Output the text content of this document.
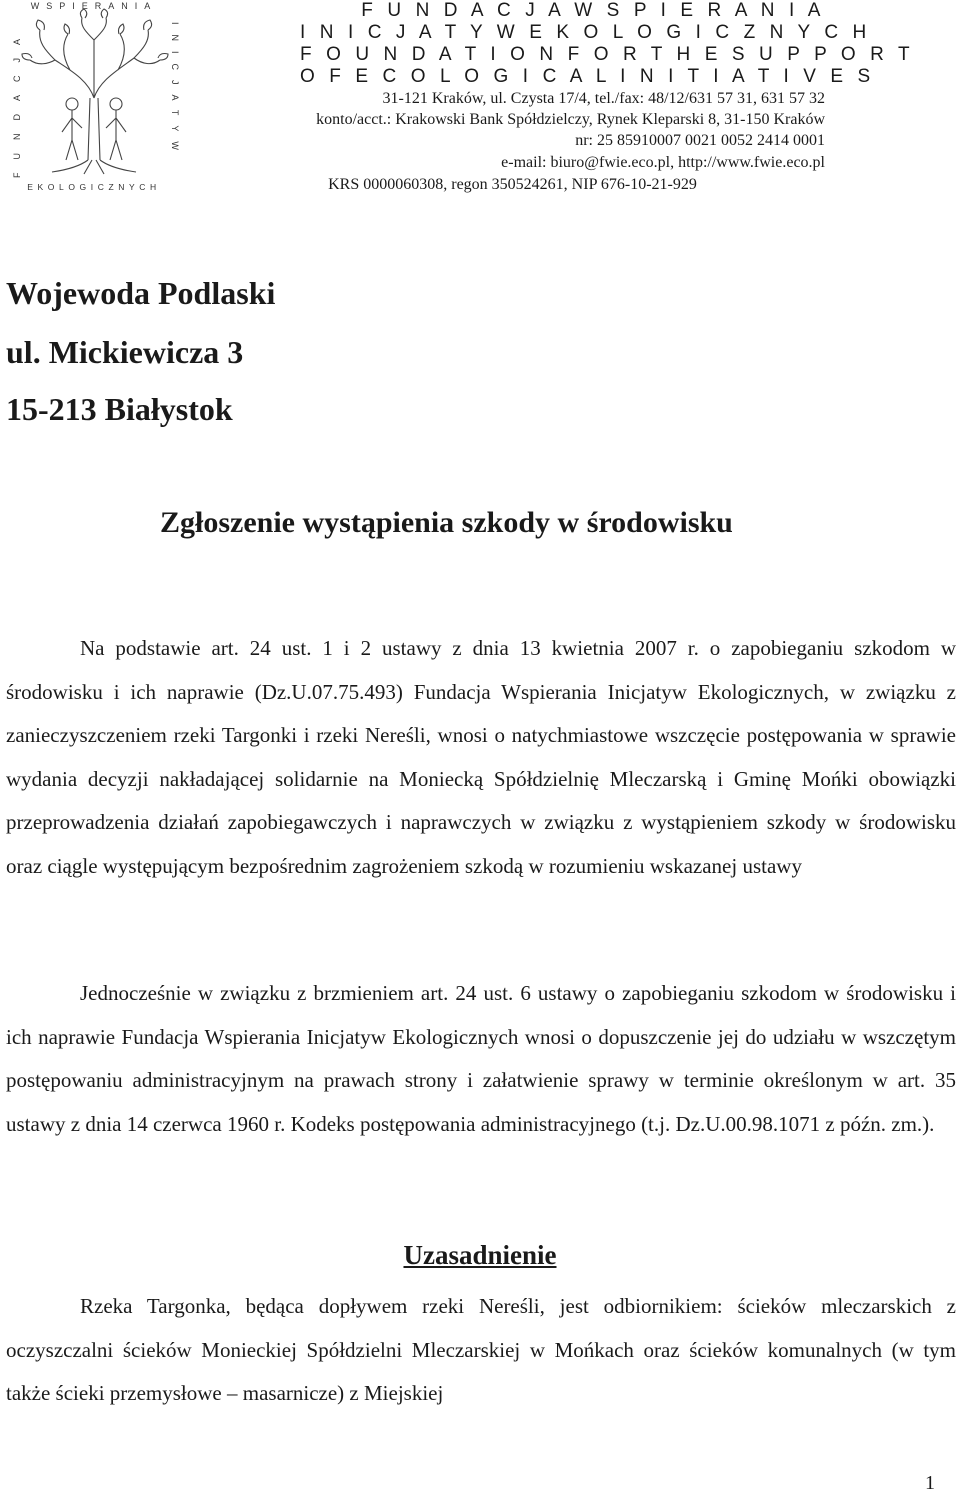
WSPIERANIA
EKOLOGICZNYCH
FUNDACJA	INICJATYW

F U N D A C J A W S P I E R A N I A

I N I C J A T Y W E K O L O G I C Z N Y C H

F O U N D A T I O N F O R T H E S U P P O R T

O F E C O L O G I C A L I N I T I A T I V E S

31-121 Kraków, ul. Czysta 17/4, tel./fax: 48/12/631 57 31, 631 57 32

konto/acct.: Krakowski Bank Spółdzielczy, Rynek Kleparski 8, 31-150 Kraków

nr: 25 85910007 0021 0052 2414 0001

e-mail: biuro@fwie.eco.pl, http://www.fwie.eco.pl

KRS 0000060308, regon 350524261, NIP 676-10-21-929

Wojewoda Podlaski

ul. Mickiewicza 3

15-213 Białystok

Zgłoszenie wystąpienia szkody w środowisku

Na podstawie art. 24 ust. 1 i 2 ustawy z dnia 13 kwietnia 2007 r. o zapobieganiu szkodom w środowisku i ich naprawie (Dz.U.07.75.493) Fundacja Wspierania Inicjatyw Ekologicznych, w związku z zanieczyszczeniem rzeki Targonki i rzeki Nereśli, wnosi o natychmiastowe wszczęcie postępowania w sprawie wydania decyzji nakładającej solidarnie na Moniecką Spółdzielnię Mleczarską i Gminę Mońki obowiązki przeprowadzenia działań zapobiegawczych i naprawczych w związku z wystąpieniem szkody w środowisku oraz ciągle występującym bezpośrednim zagrożeniem szkodą w rozumieniu wskazanej ustawy

Jednocześnie w związku z brzmieniem art. 24 ust. 6 ustawy o zapobieganiu szkodom w środowisku i ich naprawie Fundacja Wspierania Inicjatyw Ekologicznych wnosi o dopuszczenie jej do udziału w wszczętym postępowaniu administracyjnym na prawach strony i załatwienie sprawy w terminie określonym w art. 35 ustawy z dnia 14 czerwca 1960 r. Kodeks postępowania administracyjnego (t.j. Dz.U.00.98.1071 z późn. zm.).

Uzasadnienie

Rzeka Targonka, będąca dopływem rzeki Nereśli, jest odbiornikiem: ścieków mleczarskich z oczyszczalni ścieków Monieckiej Spółdzielni Mleczarskiej w Mońkach oraz ścieków komunalnych (w tym także ścieki przemysłowe – masarnicze) z Miejskiej

1
